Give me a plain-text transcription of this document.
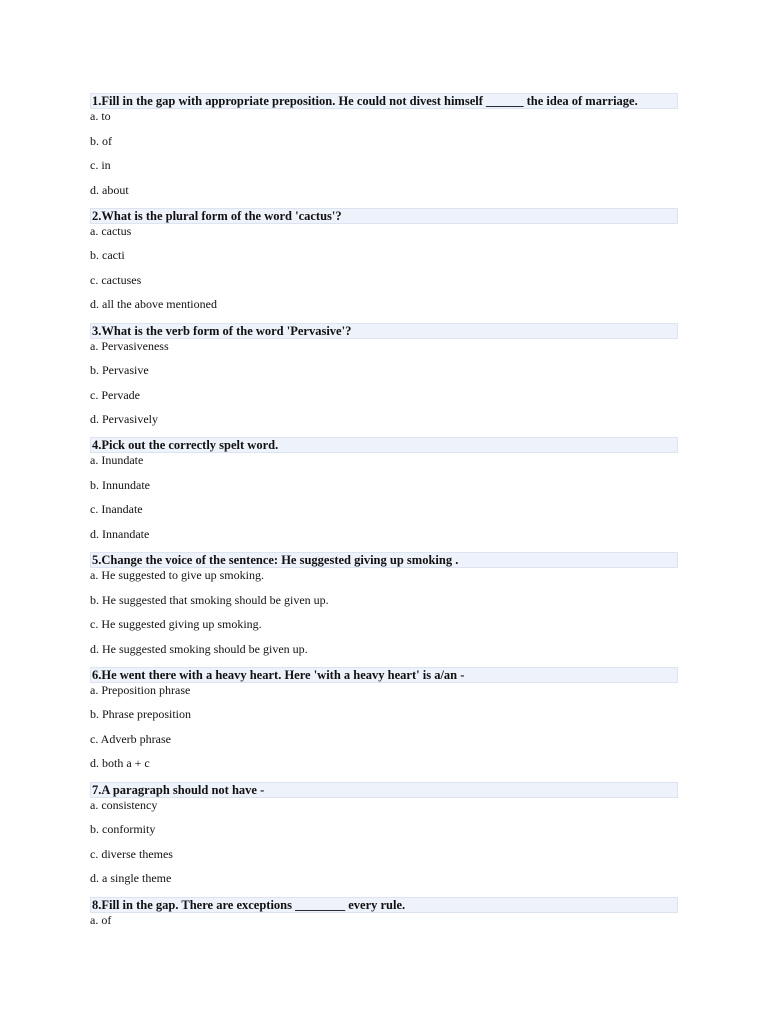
1.Fill in the gap with appropriate preposition. He could not divest himself ______ the idea of marriage.
a. to
b. of
c. in
d. about
2.What is the plural form of the word 'cactus'?
a. cactus
b. cacti
c. cactuses
d. all the above mentioned
3.What is the verb form of the word 'Pervasive'?
a. Pervasiveness
b. Pervasive
c. Pervade
d. Pervasively
4.Pick out the correctly spelt word.
a. Inundate
b. Innundate
c. Inandate
d. Innandate
5.Change the voice of the sentence: He suggested giving up smoking .
a. He suggested to give up smoking.
b. He suggested that smoking should be given up.
c. He suggested giving up smoking.
d. He suggested smoking should be given up.
6.He went there with a heavy heart. Here 'with a heavy heart' is a/an -
a. Preposition phrase
b. Phrase preposition
c. Adverb phrase
d. both a + c
7.A paragraph should not have -
a. consistency
b. conformity
c. diverse themes
d. a single theme
8.Fill in the gap. There are exceptions ________ every rule.
a. of
